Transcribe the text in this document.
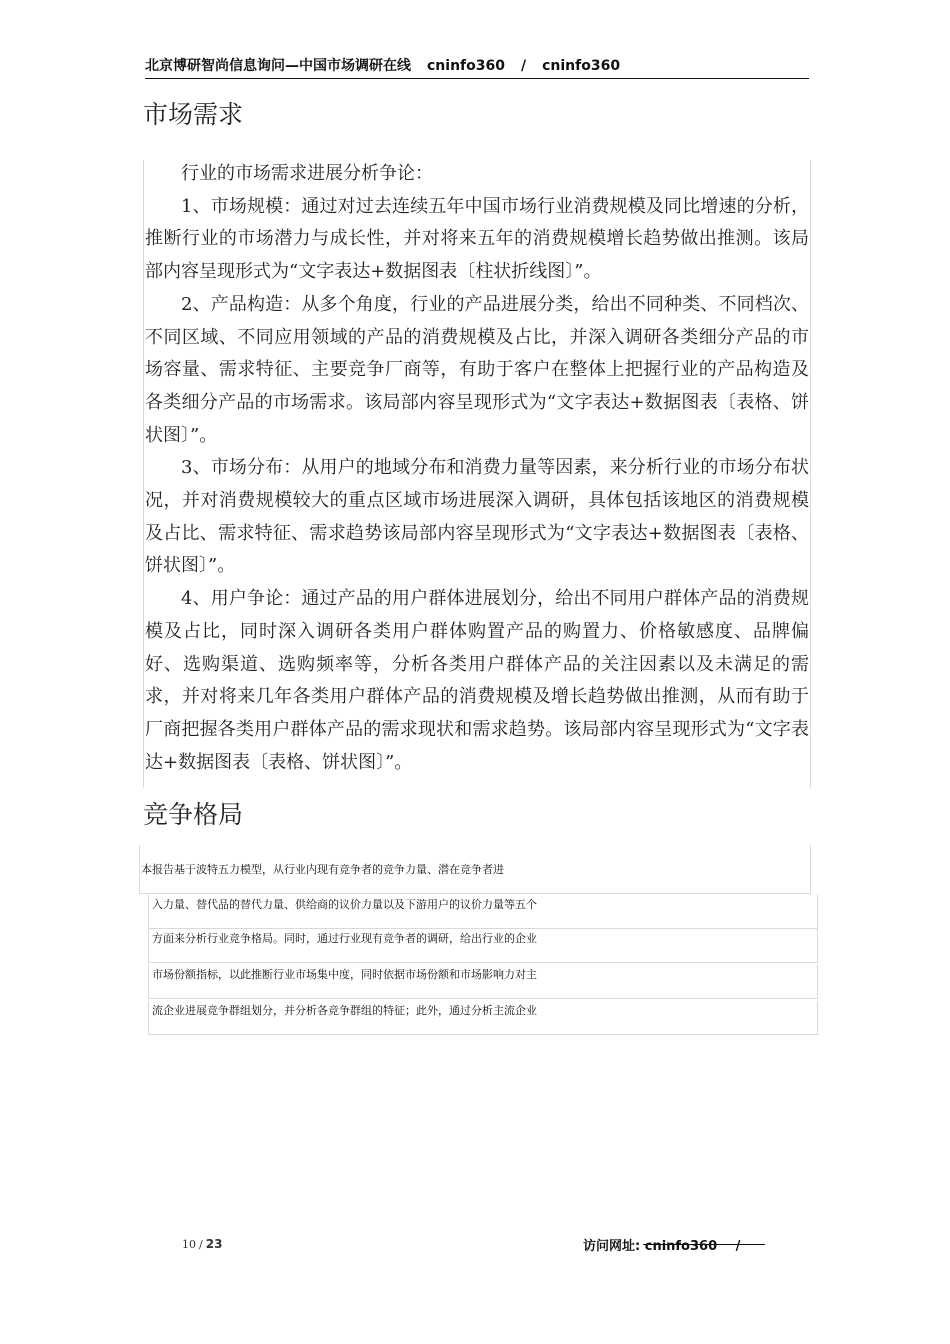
北京博研智尚信息询问—中国市场调研在线 cninfo360 / cninfo360
市场需求

行业的市场需求进展分析争论：

1、市场规模：通过对过去连续五年中国市场行业消费规模及同比增速的分析，推断行业的市场潜力与成长性，并对将来五年的消费规模增长趋势做出推测。该局部内容呈现形式为“文字表达+数据图表〔柱状折线图〕”。

2、产品构造：从多个角度，行业的产品进展分类，给出不同种类、不同档次、不同区域、不同应用领域的产品的消费规模及占比，并深入调研各类细分产品的市场容量、需求特征、主要竞争厂商等，有助于客户在整体上把握行业的产品构造及各类细分产品的市场需求。该局部内容呈现形式为“文字表达+数据图表〔表格、饼状图〕”。

3、市场分布：从用户的地域分布和消费力量等因素，来分析行业的市场分布状况，并对消费规模较大的重点区域市场进展深入调研，具体包括该地区的消费规模及占比、需求特征、需求趋势该局部内容呈现形式为“文字表达+数据图表〔表格、饼状图〕”。

4、用户争论：通过产品的用户群体进展划分，给出不同用户群体产品的消费规模及占比，同时深入调研各类用户群体购置产品的购置力、价格敏感度、品牌偏好、选购渠道、选购频率等，分析各类用户群体产品的关注因素以及未满足的需求，并对将来几年各类用户群体产品的消费规模及增长趋势做出推测，从而有助于厂商把握各类用户群体产品的需求现状和需求趋势。该局部内容呈现形式为“文字表达+数据图表〔表格、饼状图〕”。

竞争格局
本报告基于波特五力模型，从行业内现有竞争者的竞争力量、潜在竞争者进
入力量、替代品的替代力量、供给商的议价力量以及下游用户的议价力量等五个
方面来分析行业竞争格局。同时，通过行业现有竞争者的调研，给出行业的企业
市场份额指标，以此推断行业市场集中度，同时依据市场份额和市场影响力对主
流企业进展竞争群组划分，并分析各竞争群组的特征；此外，通过分析主流企业
10 / 23	访问网址: cninfo360 /
